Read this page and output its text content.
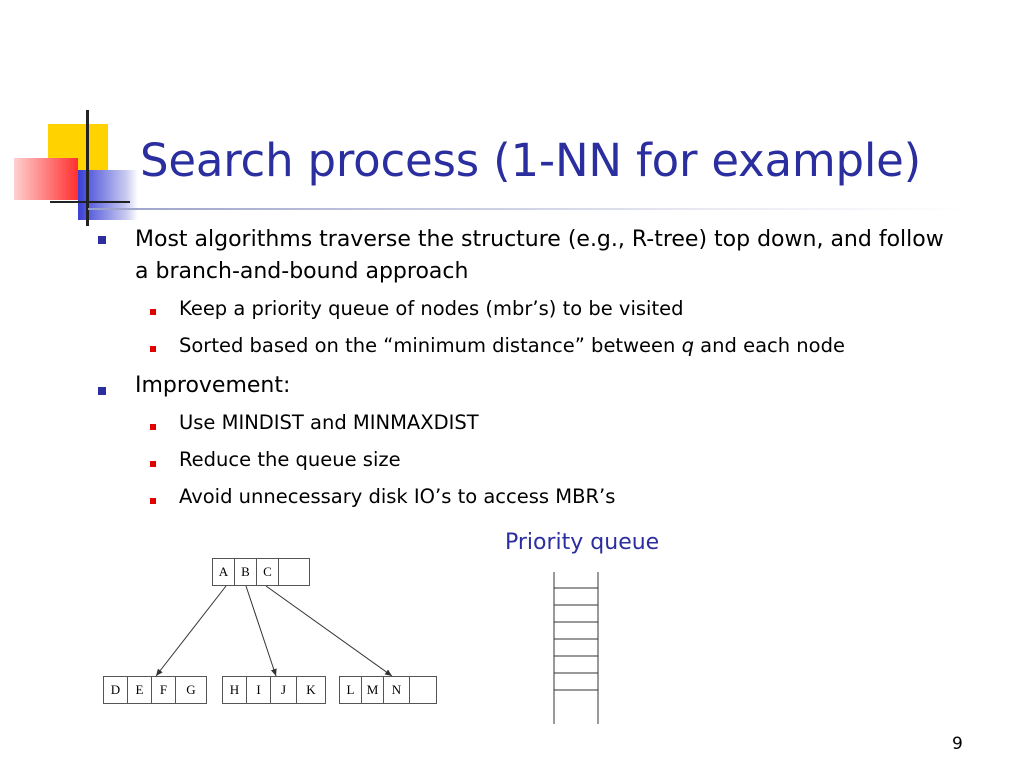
Search process (1-NN for example)
Most algorithms traverse the structure (e.g., R-tree) top down, and follow a branch-and-bound approach
Keep a priority queue of nodes (mbr’s) to be visited
Sorted based on the “minimum distance” between q and each node
Improvement:
Use MINDIST and MINMAXDIST
Reduce the queue size
Avoid unnecessary disk IO’s to access MBR’s
Priority queue
A B	C
D	E	F	G	H	I	J	K	L M	N
9
